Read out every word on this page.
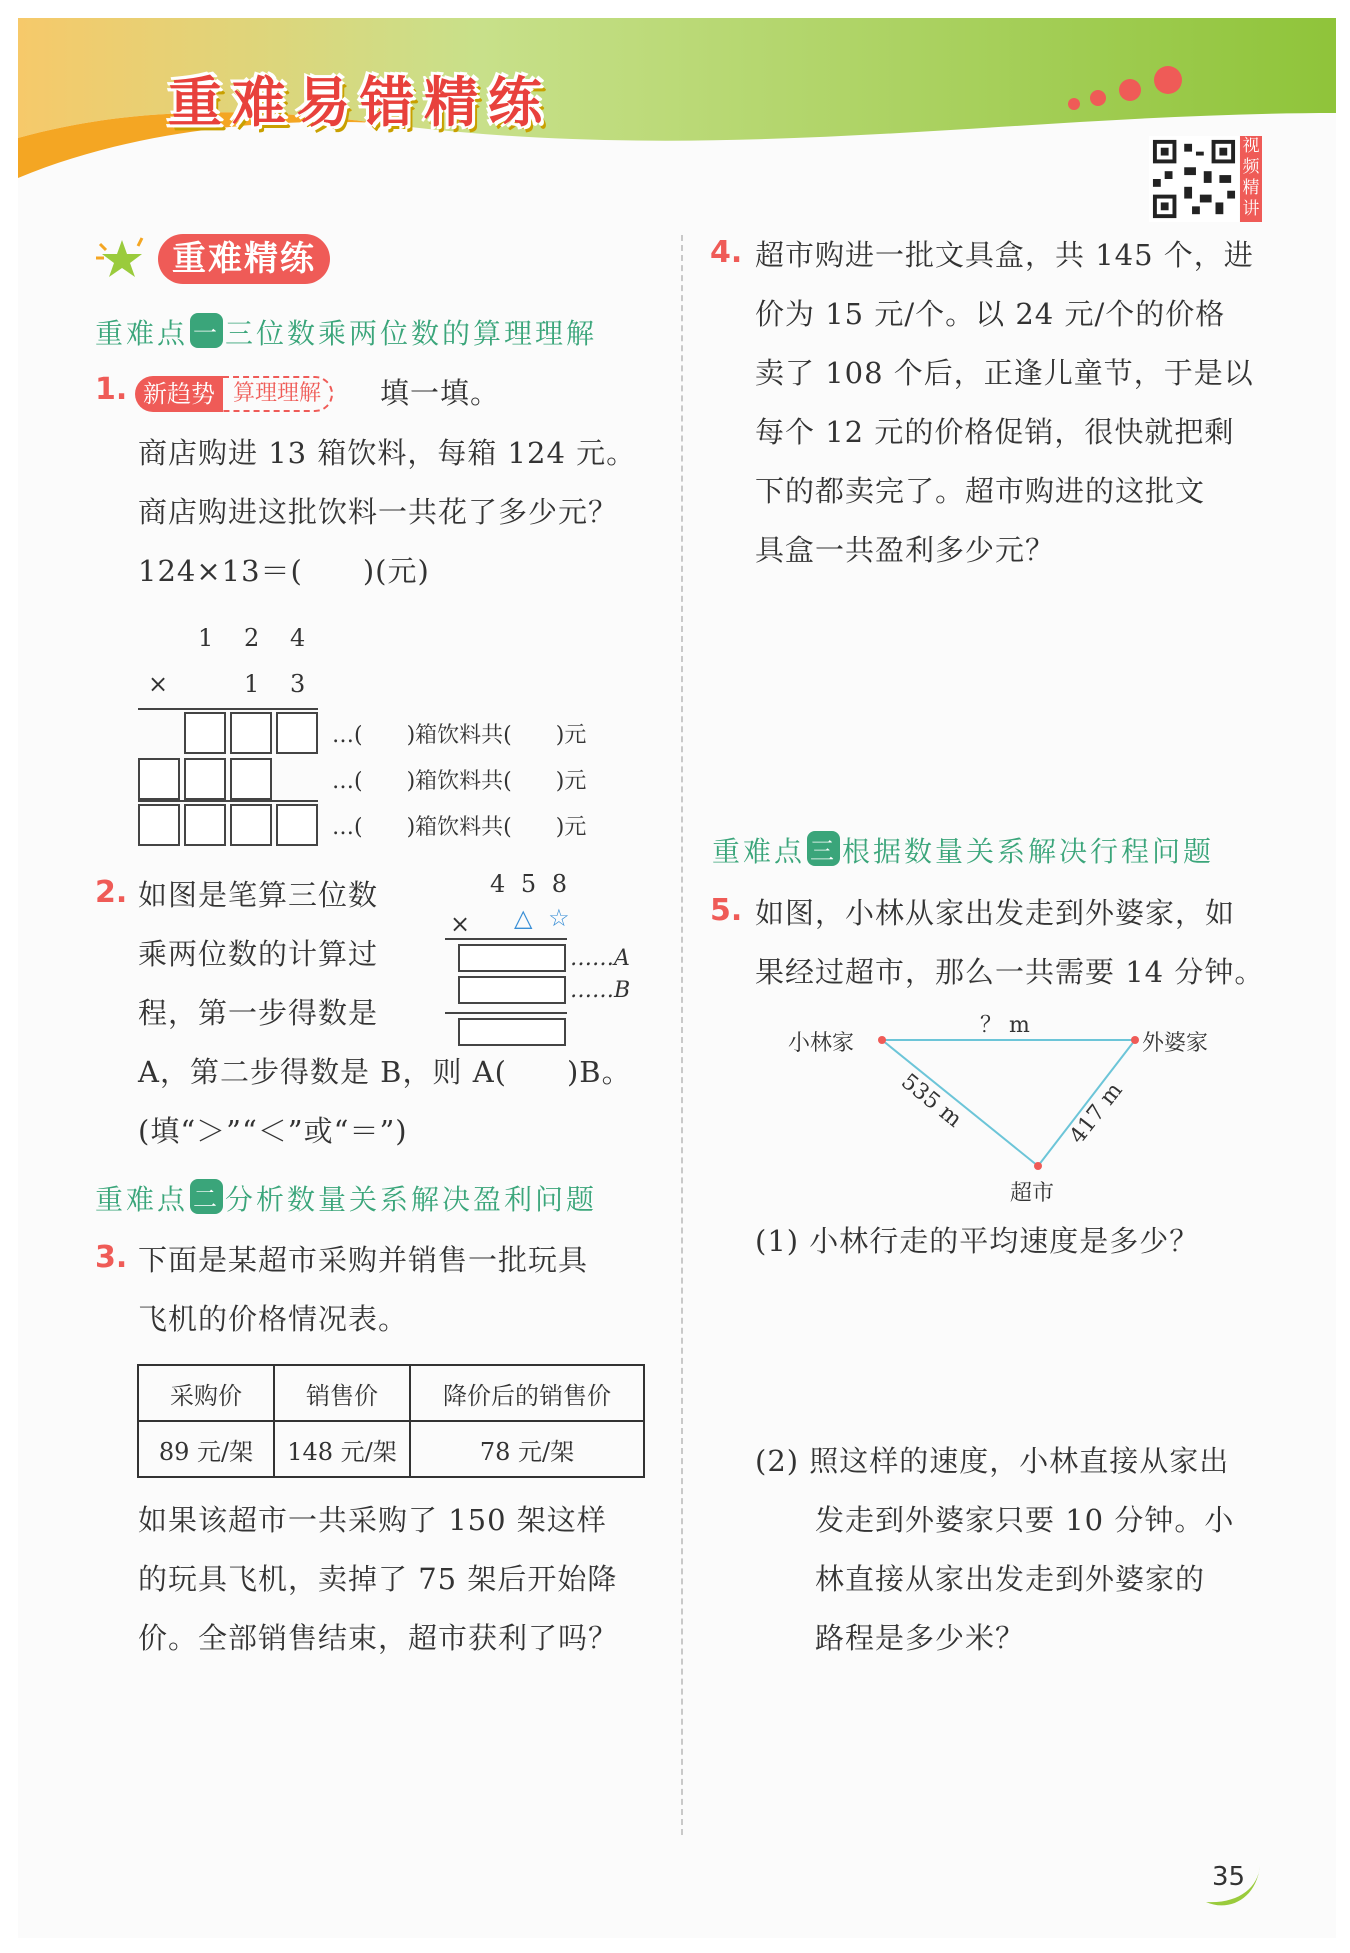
重难易错精练
视频精讲
重难精练
重难点 一 三位数乘两位数的算理理解
1. 新趋势 算理理解	填一填。
商店购进 13 箱饮料，每箱 124 元。
商店购进这批饮料一共花了多少元？
124×13＝(　　)(元)
1 2 4
×	1 3
…(　　)箱饮料共(　　)元
…(　　)箱饮料共(　　)元
…(　　)箱饮料共(　　)元
2. 如图是笔算三位数
乘两位数的计算过
程，第一步得数是
A，第二步得数是 B，则 A(　　)B。
(填“＞”“＜”或“＝”)
4 5 8
× △ ☆
……A
……B
重难点 二 分析数量关系解决盈利问题
3. 下面是某超市采购并销售一批玩具
飞机的价格情况表。
采购价	销售价	降价后的销售价
89 元/架	148 元/架	78 元/架
如果该超市一共采购了 150 架这样
的玩具飞机，卖掉了 75 架后开始降
价。全部销售结束，超市获利了吗？
4. 超市购进一批文具盒，共 145 个，进
价为 15 元/个。以 24 元/个的价格
卖了 108 个后，正逢儿童节，于是以
每个 12 元的价格促销，很快就把剩
下的都卖完了。超市购进的这批文
具盒一共盈利多少元？
重难点 三 根据数量关系解决行程问题
5. 如图，小林从家出发走到外婆家，如
果经过超市，那么一共需要 14 分钟。
小林家	外婆家
超市
？ m
535 m	417 m
(1) 小林行走的平均速度是多少？
(2) 照这样的速度，小林直接从家出
发走到外婆家只要 10 分钟。小
林直接从家出发走到外婆家的
路程是多少米？
35
